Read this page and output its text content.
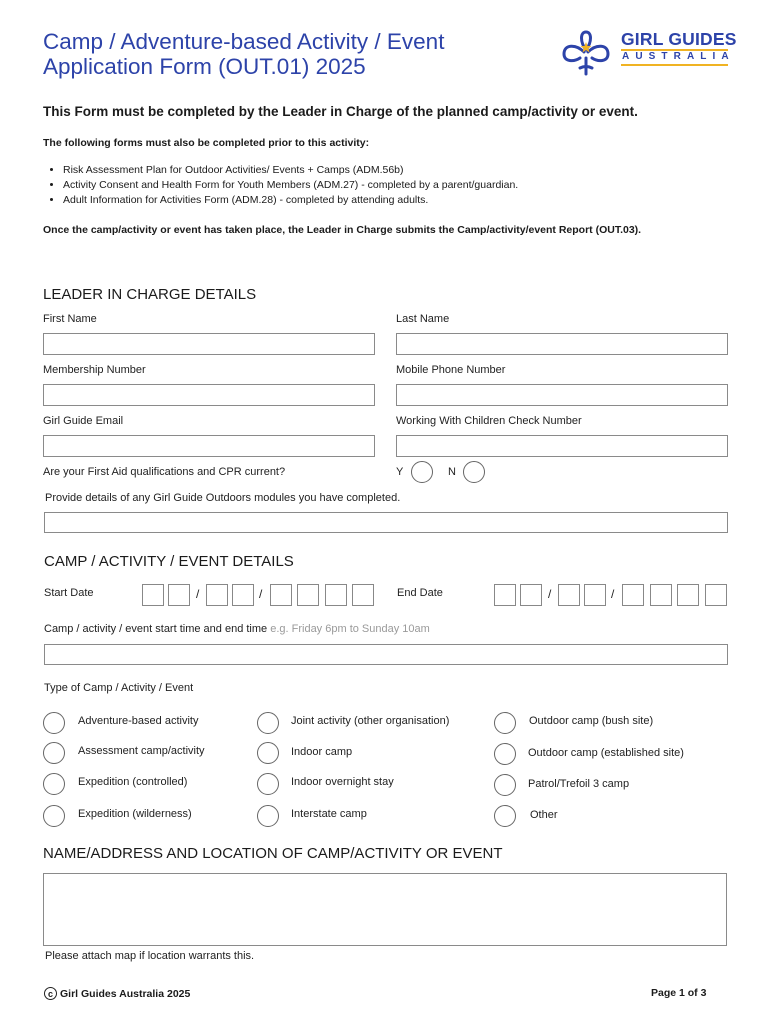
Camp / Adventure-based Activity / Event
Application Form (OUT.01) 2025
GIRL GUIDES
AUSTRALIA
This Form must be completed by the Leader in Charge of the planned camp/activity or event.
The following forms must also be completed prior to this activity:
• Risk Assessment Plan for Outdoor Activities/ Events + Camps (ADM.56b)
• Activity Consent and Health Form for Youth Members (ADM.27) - completed by a parent/guardian.
• Adult Information for Activities Form (ADM.28) - completed by attending adults.
Once the camp/activity or event has taken place, the Leader in Charge submits the Camp/activity/event Report (OUT.03).
LEADER IN CHARGE DETAILS
First Name	Last Name
Membership Number	Mobile Phone Number
Girl Guide Email	Working With Children Check Number
Are your First Aid qualifications and CPR current?	Y	N
Provide details of any Girl Guide Outdoors modules you have completed.
CAMP / ACTIVITY / EVENT DETAILS
Start Date	/	/	End Date	/	/
Camp / activity / event start time and end time e.g. Friday 6pm to Sunday 10am
Type of Camp / Activity / Event
Adventure-based activity
Assessment camp/activity
Expedition (controlled)
Expedition (wilderness)
Joint activity (other organisation)
Indoor camp
Indoor overnight stay
Interstate camp
Outdoor camp (bush site)
Outdoor camp (established site)
Patrol/Trefoil 3 camp
Other
NAME/ADDRESS AND LOCATION OF CAMP/ACTIVITY OR EVENT
Please attach map if location warrants this.
c Girl Guides Australia 2025	Page 1 of 3
